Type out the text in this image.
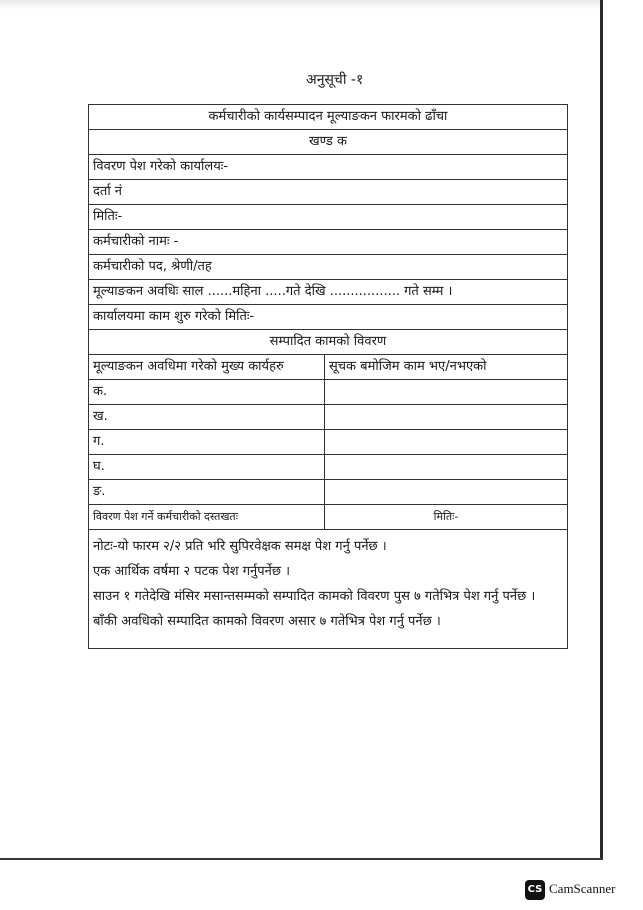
अनुसूची -१
कर्मचारीको कार्यसम्पादन मूल्याङकन फारमको ढाँचा
खण्ड क
विवरण पेश गरेको कार्यालयः-
दर्ता नं
मितिः-
कर्मचारीको नामः -
कर्मचारीको पद, श्रेणी/तह
मूल्याङकन अवधिः साल ......महिना .....गते देखि ................. गते सम्म ।
कार्यालयमा काम शुरु गरेको मितिः-
सम्पादित कामको विवरण
मूल्याङकन अवधिमा गरेको मुख्य कार्यहरु	सूचक बमोजिम काम भए/नभएको
क.
ख.
ग.
घ.
ङ.
विवरण पेश गर्ने कर्मचारीको दस्तखतः	मितिः-

नोटः-यो फारम २/२ प्रति भरि सुपिरवेक्षक समक्ष पेश गर्नु पर्नेछ ।

एक आर्थिक वर्षमा २ पटक पेश गर्नुपर्नेछ ।

साउन १ गतेदेखि मंसिर मसान्तसम्मको सम्पादित कामको विवरण पुस ७ गतेभित्र पेश गर्नु पर्नेछ ।

बाँकी अवधिको सम्पादित कामको विवरण असार ७ गतेभित्र पेश गर्नु पर्नेछ ।

CS CamScanner
